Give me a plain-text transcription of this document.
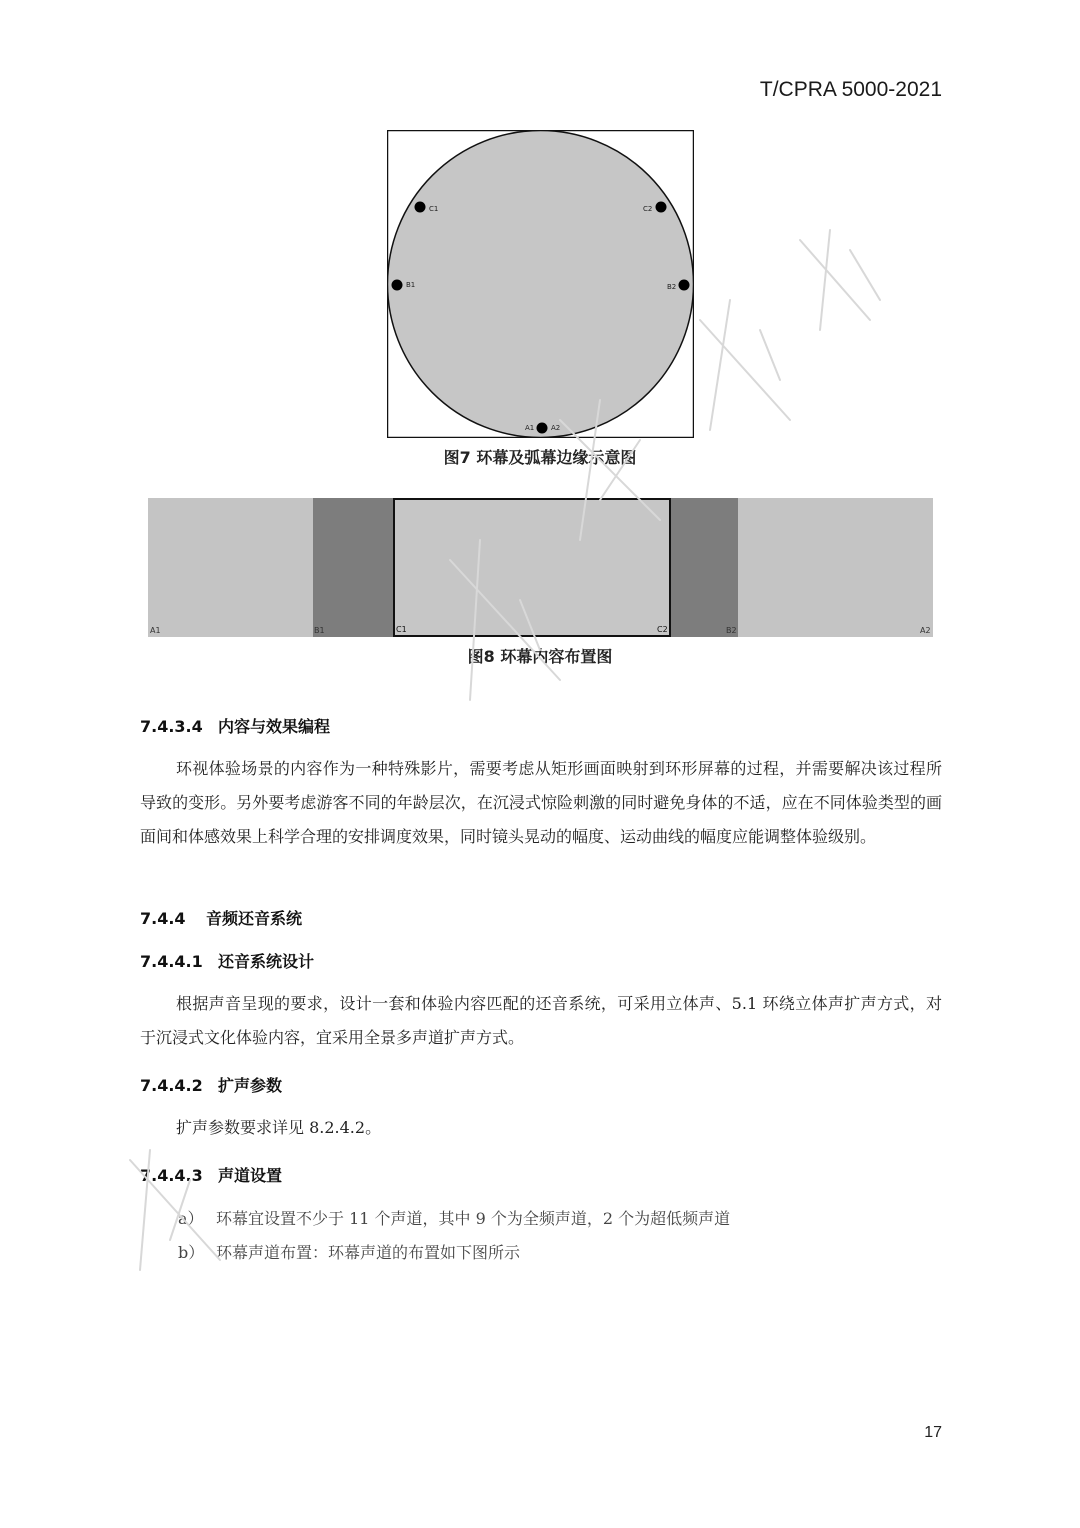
T/CPRA 5000-2021
C1	C2
B1	B2
A1 A2
图7 环幕及弧幕边缘示意图
A1	B1	C1	C2	B2	A2
图8 环幕内容布置图
7.4.3.4 内容与效果编程
环视体验场景的内容作为一种特殊影片，需要考虑从矩形画面映射到环形屏幕的过程，并需要解决该过程所导致的变形。另外要考虑游客不同的年龄层次，在沉浸式惊险刺激的同时避免身体的不适，应在不同体验类型的画面间和体感效果上科学合理的安排调度效果，同时镜头晃动的幅度、运动曲线的幅度应能调整体验级别。
7.4.4 音频还音系统
7.4.4.1 还音系统设计
根据声音呈现的要求，设计一套和体验内容匹配的还音系统，可采用立体声、5.1 环绕立体声扩声方式，对于沉浸式文化体验内容，宜采用全景多声道扩声方式。
7.4.4.2 扩声参数
扩声参数要求详见 8.2.4.2。
7.4.4.3 声道设置
a） 环幕宜设置不少于 11 个声道，其中 9 个为全频声道，2 个为超低频声道
b） 环幕声道布置：环幕声道的布置如下图所示
17
